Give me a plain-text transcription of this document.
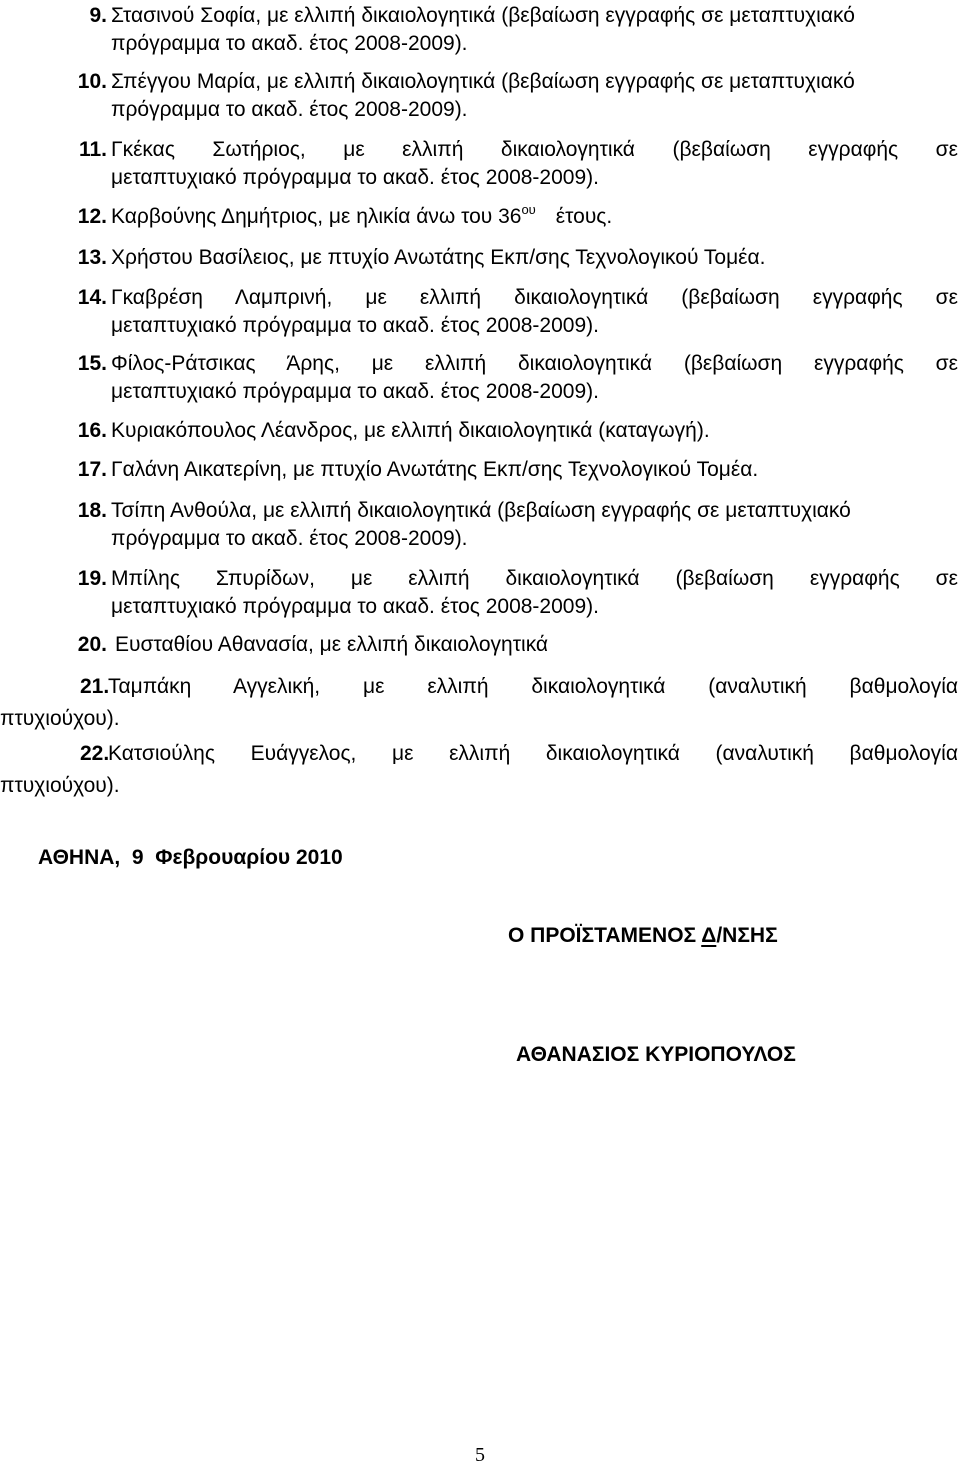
9. Στασινού Σοφία, με ελλιπή δικαιολογητικά (βεβαίωση εγγραφής σε μεταπτυχιακό
πρόγραμμα το ακαδ. έτος 2008-2009).
10. Σπέγγου Μαρία, με ελλιπή δικαιολογητικά (βεβαίωση εγγραφής σε μεταπτυχιακό
πρόγραμμα το ακαδ. έτος 2008-2009).
11. Γκέκας Σωτήριος, με ελλιπή δικαιολογητικά (βεβαίωση εγγραφής σε
μεταπτυχιακό πρόγραμμα το ακαδ. έτος 2008-2009).
12. Καρβούνης Δημήτριος, με ηλικία άνω του $36^{o\upsilon}$ έτους.
13. Χρήστου Βασίλειος, με πτυχίο Ανωτάτης Εκπ/σης Τεχνολογικού Τομέα.
14. Γκαβρέση Λαμπρινή, με ελλιπή δικαιολογητικά (βεβαίωση εγγραφής σε
μεταπτυχιακό πρόγραμμα το ακαδ. έτος 2008-2009).
15. Φίλος-Ράτσικας Άρης, με ελλιπή δικαιολογητικά (βεβαίωση εγγραφής σε
μεταπτυχιακό πρόγραμμα το ακαδ. έτος 2008-2009).
16. Κυριακόπουλος Λέανδρος, με ελλιπή δικαιολογητικά (καταγωγή).
17. Γαλάνη Αικατερίνη, με πτυχίο Ανωτάτης Εκπ/σης Τεχνολογικού Τομέα.
18. Τσίπη Ανθούλα, με ελλιπή δικαιολογητικά (βεβαίωση εγγραφής σε μεταπτυχιακό
πρόγραμμα το ακαδ. έτος 2008-2009).
19. Μπίλης Σπυρίδων, με ελλιπή δικαιολογητικά (βεβαίωση εγγραφής σε
μεταπτυχιακό πρόγραμμα το ακαδ. έτος 2008-2009).
20. Ευσταθίου Αθανασία, με ελλιπή δικαιολογητικά
21.
Ταμπάκη Αγγελική, με ελλιπή δικαιολογητικά (αναλυτική βαθμολογία
πτυχιούχου).
22.
Κατσιούλης Ευάγγελος, με ελλιπή δικαιολογητικά (αναλυτική βαθμολογία
πτυχιούχου).
ΑΘΗΝΑ,  9  Φεβρουαρίου 2010
Ο ΠΡΟΪΣΤΑΜΕΝΟΣ Δ/ΝΣΗΣ
ΑΘΑΝΑΣΙΟΣ ΚΥΡΙΟΠΟΥΛΟΣ
5
